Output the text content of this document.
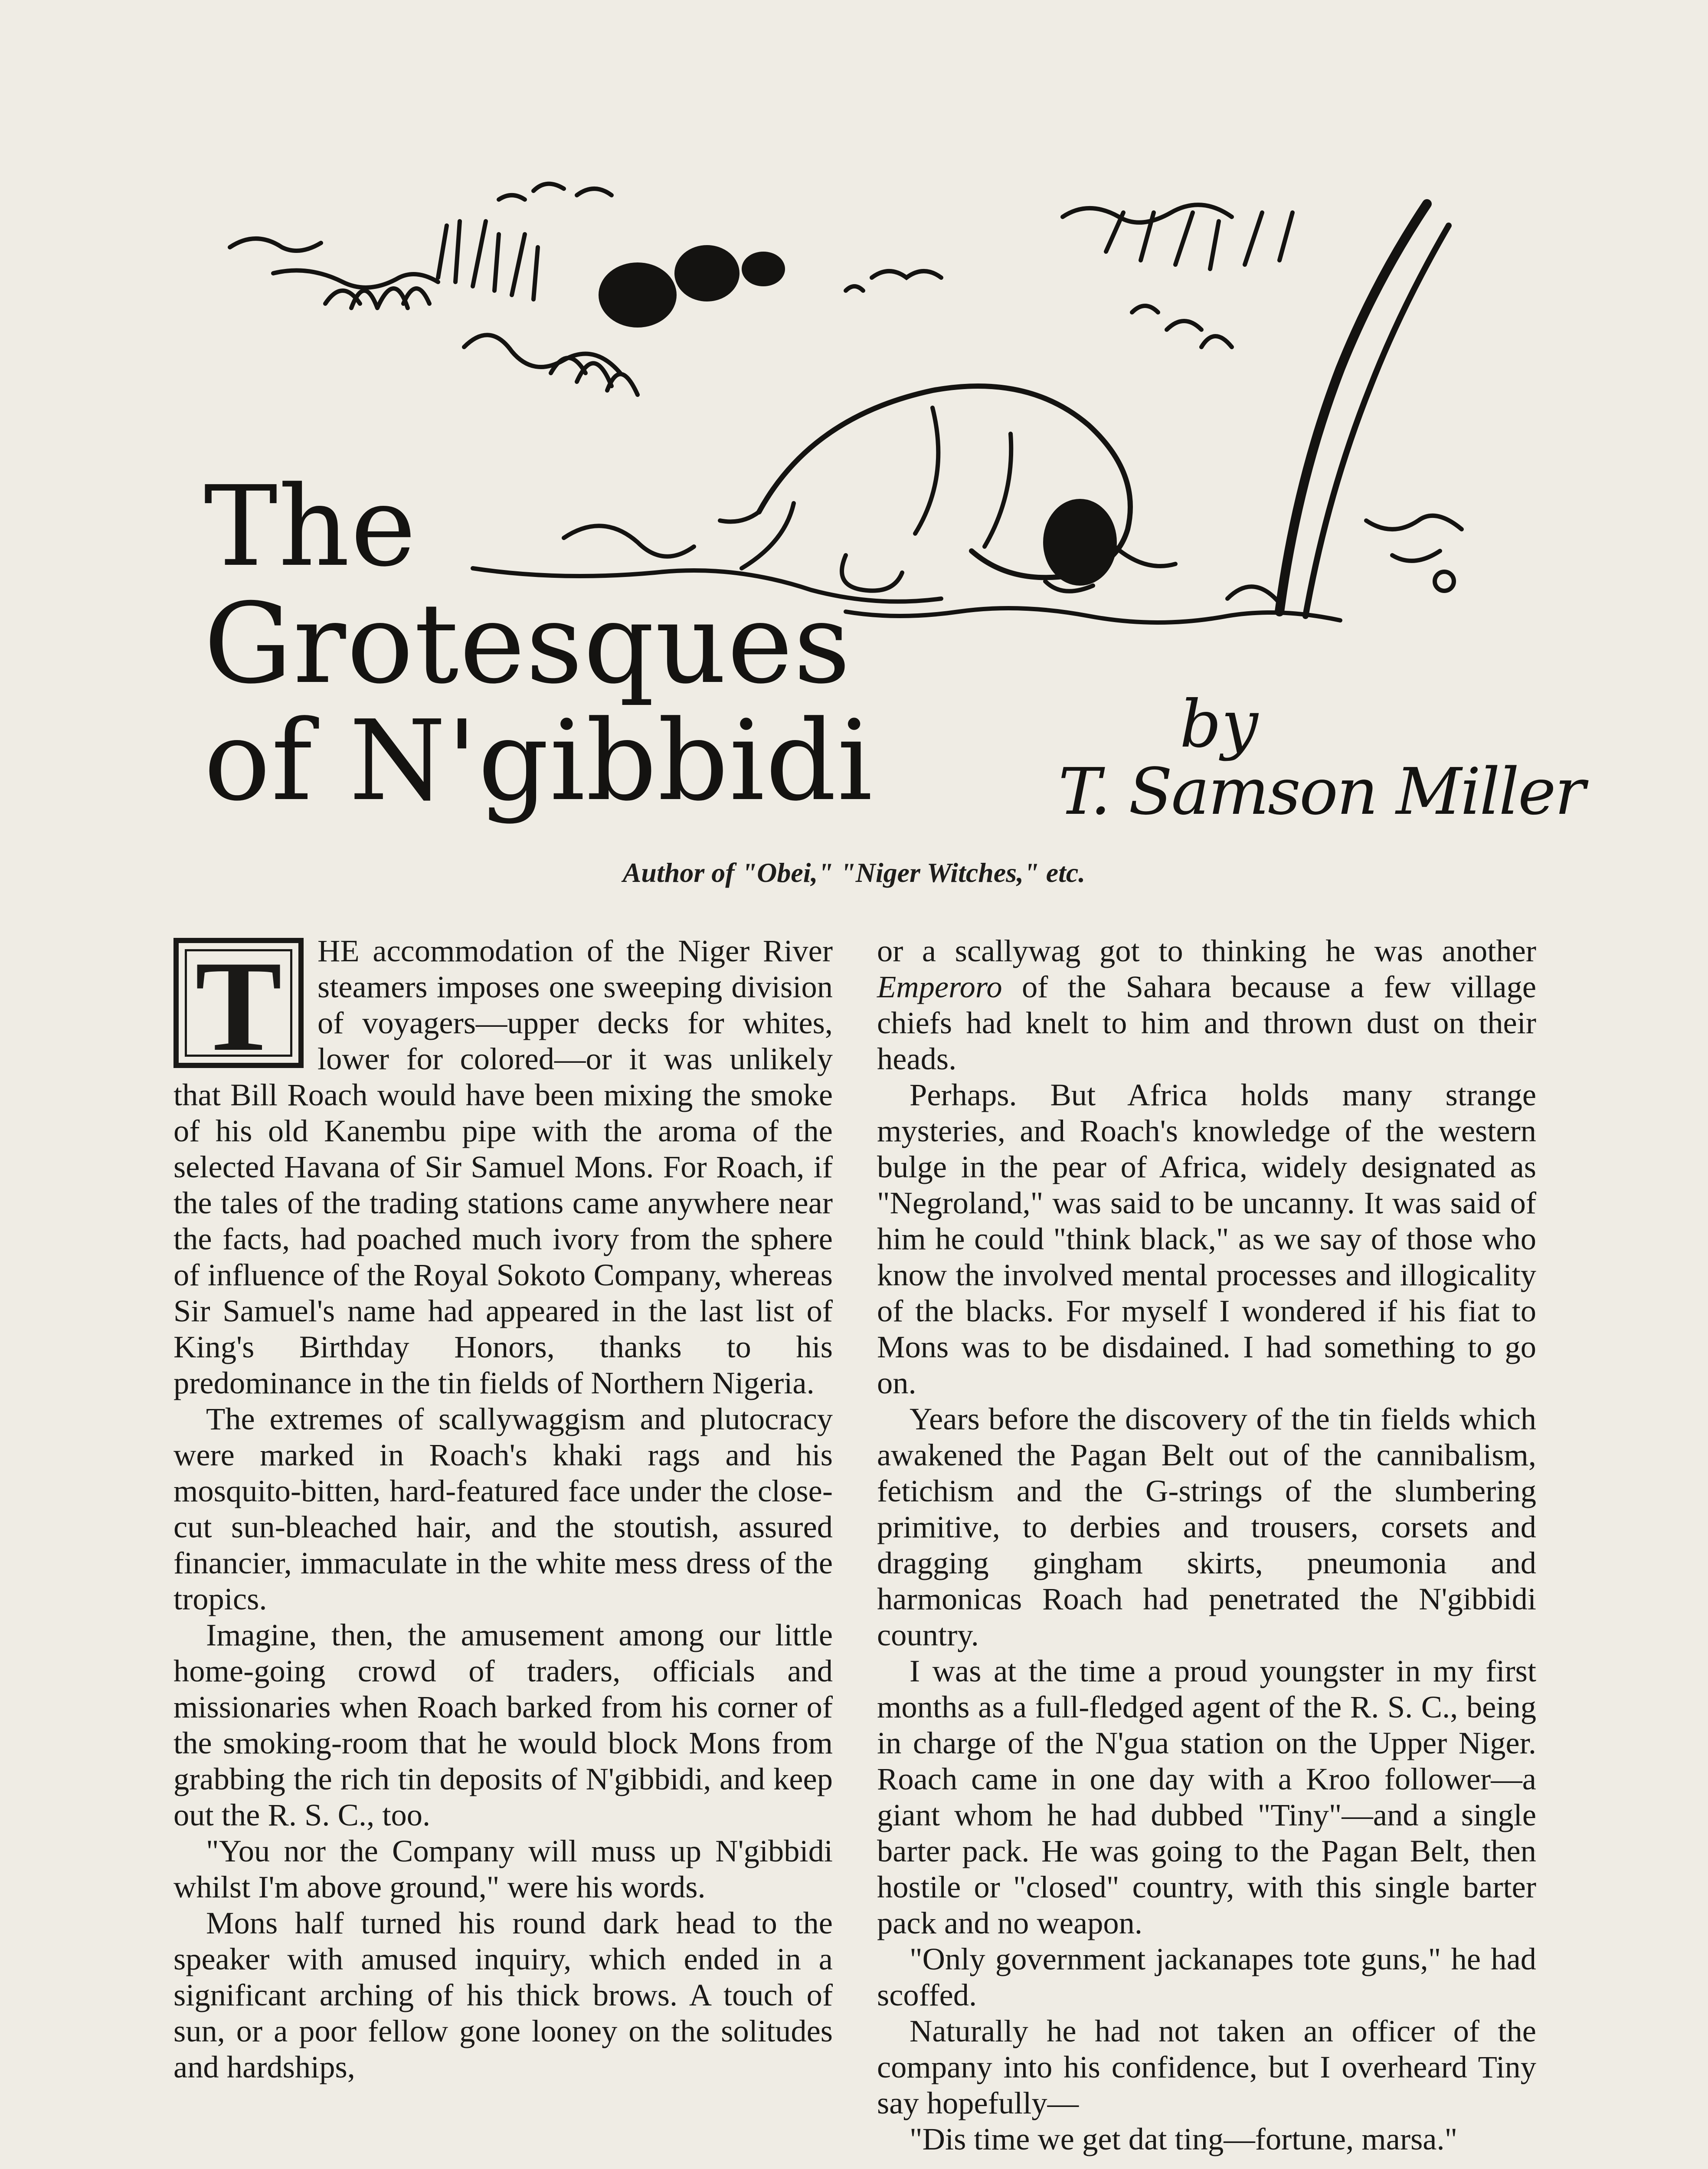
The
Grotesques
of N'gibbidi	by
T. Samson Miller
Author of "Obei," "Niger Witches," etc.

T	HE accommodation of the Niger River steamers imposes one sweeping division of voyagers—upper decks for whites, lower for colored—or it was unlikely that Bill Roach would have been mixing the smoke of his old Kanembu pipe with the aroma of the selected Havana of Sir Samuel Mons. For Roach, if the tales of the trading stations came anywhere near the facts, had poached much ivory from the sphere of influence of the Royal Sokoto Company, whereas Sir Samuel's name had appeared in the last list of King's Birthday Honors, thanks to his predominance in the tin fields of Northern Nigeria.

The extremes of scallywaggism and plutocracy were marked in Roach's khaki rags and his mosquito-bitten, hard-featured face under the close-cut sun-bleached hair, and the stoutish, assured financier, immaculate in the white mess dress of the tropics.

Imagine, then, the amusement among our little home-going crowd of traders, officials and missionaries when Roach barked from his corner of the smoking-room that he would block Mons from grabbing the rich tin deposits of N'gibbidi, and keep out the R. S. C., too.

"You nor the Company will muss up N'gibbidi whilst I'm above ground," were his words.

Mons half turned his round dark head to the speaker with amused inquiry, which ended in a significant arching of his thick brows. A touch of sun, or a poor fellow gone looney on the solitudes and hardships,

or a scallywag got to thinking he was another Emperoro of the Sahara because a few village chiefs had knelt to him and thrown dust on their heads.

Perhaps. But Africa holds many strange mysteries, and Roach's knowledge of the western bulge in the pear of Africa, widely designated as "Negroland," was said to be uncanny. It was said of him he could "think black," as we say of those who know the involved mental processes and illogicality of the blacks. For myself I wondered if his fiat to Mons was to be disdained. I had something to go on.

Years before the discovery of the tin fields which awakened the Pagan Belt out of the cannibalism, fetichism and the G-strings of the slumbering primitive, to derbies and trousers, corsets and dragging gingham skirts, pneumonia and harmonicas Roach had penetrated the N'gibbidi country.

I was at the time a proud youngster in my first months as a full-fledged agent of the R. S. C., being in charge of the N'gua station on the Upper Niger. Roach came in one day with a Kroo follower—a giant whom he had dubbed "Tiny"—and a single barter pack. He was going to the Pagan Belt, then hostile or "closed" country, with this single barter pack and no weapon.

"Only government jackanapes tote guns," he had scoffed.

Naturally he had not taken an officer of the company into his confidence, but I overheard Tiny say hopefully—

"Dis time we get dat ting—fortune, marsa."
